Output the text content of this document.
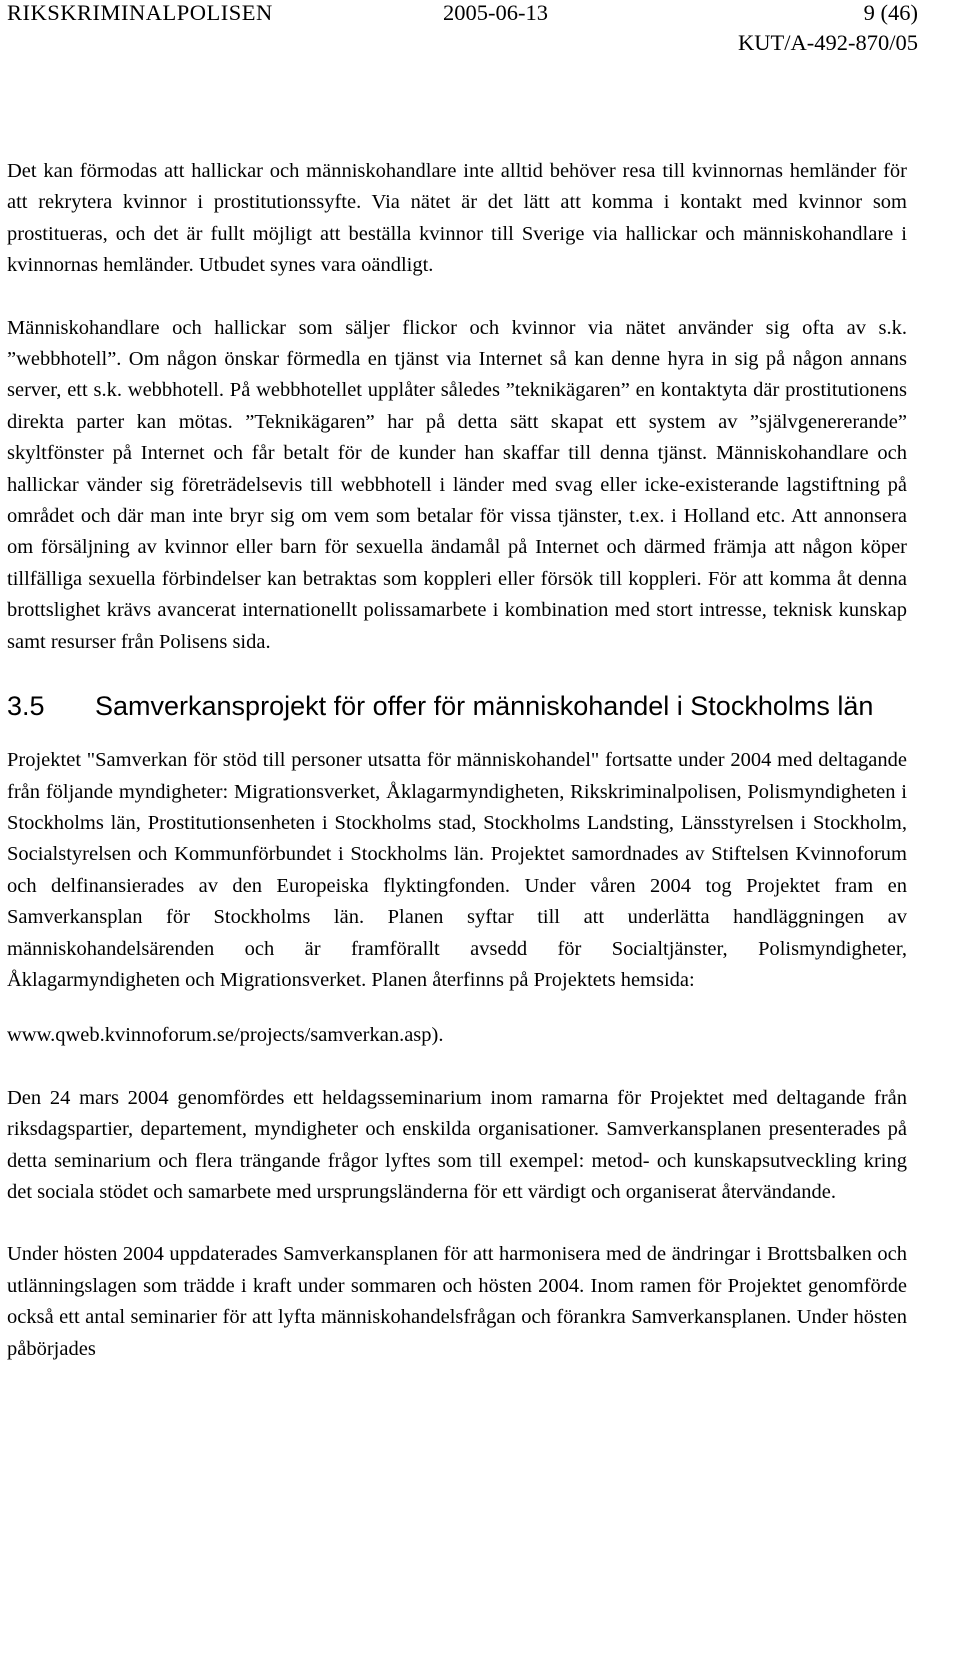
RIKSKRIMINALPOLISEN	2005-06-13	9 (46)
KUT/A-492-870/05

Det kan förmodas att hallickar och människohandlare inte alltid behöver resa till kvinnornas hemländer för att rekrytera kvinnor i prostitutionssyfte. Via nätet är det lätt att komma i kontakt med kvinnor som prostitueras, och det är fullt möjligt att beställa kvinnor till Sverige via hallickar och människohandlare i kvinnornas hemländer. Utbudet synes vara oändligt.

Människohandlare och hallickar som säljer flickor och kvinnor via nätet använder sig ofta av s.k. ”webbhotell”. Om någon önskar förmedla en tjänst via Internet så kan denne hyra in sig på någon annans server, ett s.k. webbhotell. På webbhotellet upplåter således ”teknikägaren” en kontaktyta där prostitutionens direkta parter kan mötas. ”Teknikägaren” har på detta sätt skapat ett system av ”självgenererande” skyltfönster på Internet och får betalt för de kunder han skaffar till denna tjänst. Människohandlare och hallickar vänder sig företrädelsevis till webbhotell i länder med svag eller icke-existerande lagstiftning på området och där man inte bryr sig om vem som betalar för vissa tjänster, t.ex. i Holland etc. Att annonsera om försäljning av kvinnor eller barn för sexuella ändamål på Internet och därmed främja att någon köper tillfälliga sexuella förbindelser kan betraktas som koppleri eller försök till koppleri. För att komma åt denna brottslighet krävs avancerat internationellt polissamarbete i kombination med stort intresse, teknisk kunskap samt resurser från Polisens sida.

3.5	Samverkansprojekt för offer för människohandel i Stockholms län

Projektet "Samverkan för stöd till personer utsatta för människohandel" fortsatte under 2004 med deltagande från följande myndigheter: Migrationsverket, Åklagarmyndigheten, Rikskriminalpolisen, Polismyndigheten i Stockholms län, Prostitutionsenheten i Stockholms stad, Stockholms Landsting, Länsstyrelsen i Stockholm, Socialstyrelsen och Kommunförbundet i Stockholms län. Projektet samordnades av Stiftelsen Kvinnoforum och delfinansierades av den Europeiska flyktingfonden. Under våren 2004 tog Projektet fram en Samverkansplan för Stockholms län. Planen syftar till att underlätta handläggningen av människohandelsärenden och är framförallt avsedd för Socialtjänster, Polismyndigheter, Åklagarmyndigheten och Migrationsverket. Planen återfinns på Projektets hemsida:

www.qweb.kvinnoforum.se/projects/samverkan.asp).

Den 24 mars 2004 genomfördes ett heldagsseminarium inom ramarna för Projektet med deltagande från riksdagspartier, departement, myndigheter och enskilda organisationer. Samverkansplanen presenterades på detta seminarium och flera trängande frågor lyftes som till exempel: metod- och kunskapsutveckling kring det sociala stödet och samarbete med ursprungsländerna för ett värdigt och organiserat återvändande.

Under hösten 2004 uppdaterades Samverkansplanen för att harmonisera med de ändringar i Brottsbalken och utlänningslagen som trädde i kraft under sommaren och hösten 2004. Inom ramen för Projektet genomförde också ett antal seminarier för att lyfta människohandelsfrågan och förankra Samverkansplanen. Under hösten påbörjades
